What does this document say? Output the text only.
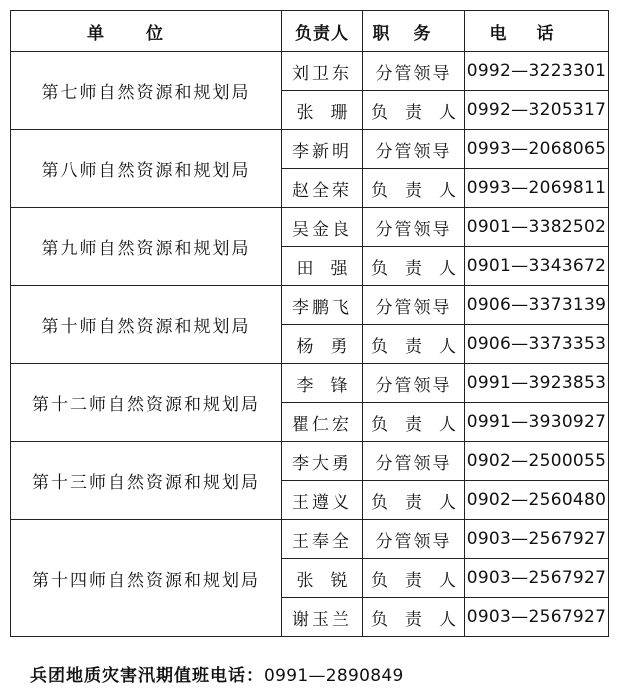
单位	负责人	职务	电话
第七师自然资源和规划局	刘卫东	分管领导	0992—3223301
	张 珊	负 责 人	0992—3205317
第八师自然资源和规划局	李新明	分管领导	0993—2068065
	赵全荣	负 责 人	0993—2069811
第九师自然资源和规划局	吴金良	分管领导	0901—3382502
	田 强	负 责 人	0901—3343672
第十师自然资源和规划局	李鹏飞	分管领导	0906—3373139
	杨 勇	负 责 人	0906—3373353
第十二师自然资源和规划局	李 锋	分管领导	0991—3923853
	瞿仁宏	负 责 人	0991—3930927
第十三师自然资源和规划局	李大勇	分管领导	0902—2500055
	王遵义	负 责 人	0902—2560480
第十四师自然资源和规划局	王奉全	分管领导	0903—2567927
	张 锐	负 责 人	0903—2567927
	谢玉兰	负 责 人	0903—2567927
兵团地质灾害汛期值班电话：0991—2890849
